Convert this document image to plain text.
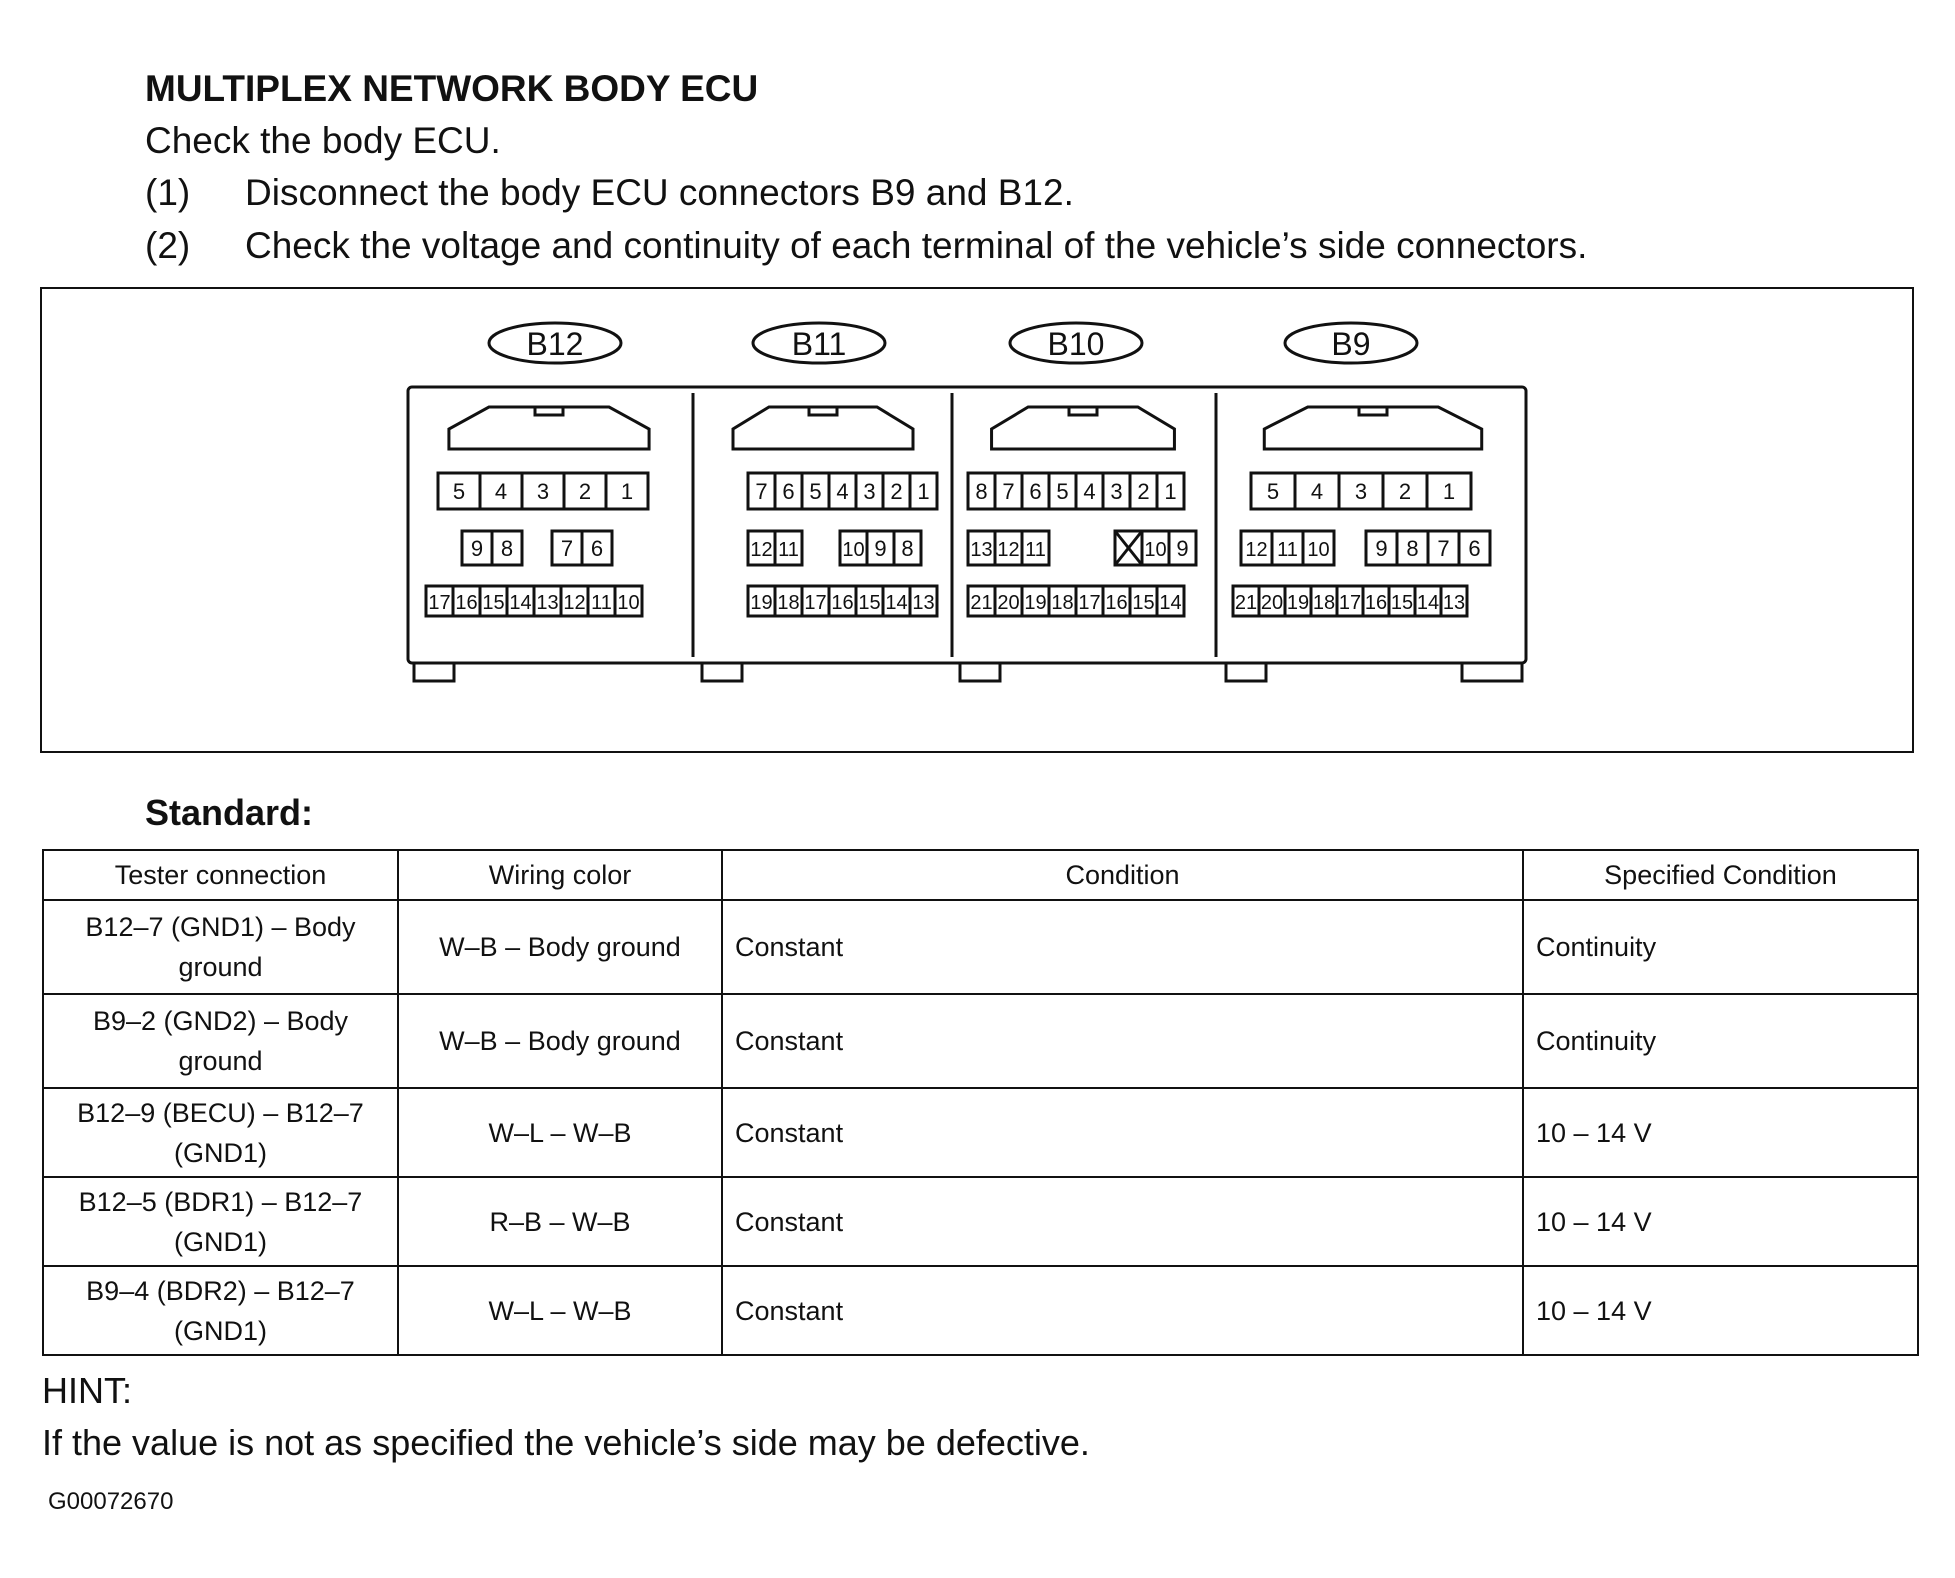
MULTIPLEX NETWORK BODY ECU
Check the body ECU.
(1) Disconnect the body ECU connectors B9 and B12.
(2) Check the voltage and continuity of each terminal of the vehicle’s side connectors.
B12
5 4 3 2 1
9 8 7 6
17 16 15 14 13 12 11 10
B11
7 6 5 4 3 2 1
12 11 10 9 8
19 18 17 16 15 14 13
B10
8 7 6 5 4 3 2 1
13 12 11	10 9
21 20 19 18 17 16 15 14
B9
5 4 3 2 1
12 11 10 9 8 7 6
21 20 19 18 17 16 15 14 13
Standard:
Tester connection	Wiring color	Condition	Specified Condition
B12–7 (GND1) – Body ground	W–B – Body ground	Constant	Continuity
B9–2 (GND2) – Body ground	W–B – Body ground	Constant	Continuity
B12–9 (BECU) – B12–7 (GND1)	W–L – W–B	Constant	10 – 14 V
B12–5 (BDR1) – B12–7 (GND1)	R–B – W–B	Constant	10 – 14 V
B9–4 (BDR2) – B12–7 (GND1)	W–L – W–B	Constant	10 – 14 V
HINT:
If the value is not as specified the vehicle’s side may be defective.
G00072670
